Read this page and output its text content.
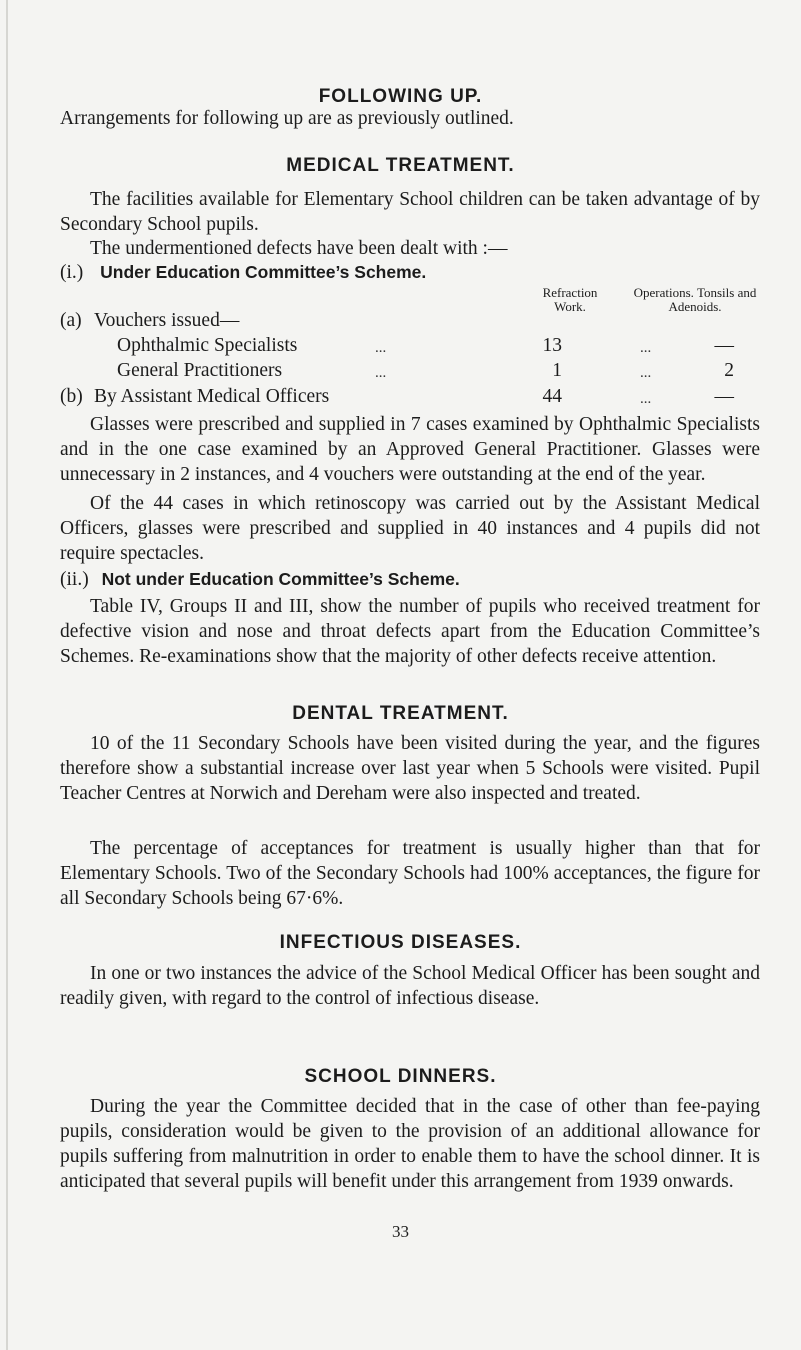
FOLLOWING UP.

Arrangements for following up are as previously outlined.

MEDICAL TREATMENT.

The facilities available for Elementary School children can be taken advantage of by Secondary School pupils.

The undermentioned defects have been dealt with :—

(i.) Under Education Committee’s Scheme.
Refraction Work.
Operations. Tonsils and Adenoids.
(a) Vouchers issued—
Ophthalmic Specialists	...	13	...	—
General Practitioners	...	1	...	2
(b) By Assistant Medical Officers	44	...	—

Glasses were prescribed and supplied in 7 cases examined by Ophthalmic Specialists and in the one case examined by an Approved General Practitioner. Glasses were unnecessary in 2 instances, and 4 vouchers were outstanding at the end of the year.

Of the 44 cases in which retinoscopy was carried out by the Assistant Medical Officers, glasses were prescribed and supplied in 40 instances and 4 pupils did not require spectacles.

(ii.) Not under Education Committee’s Scheme.

Table IV, Groups II and III, show the number of pupils who received treatment for defective vision and nose and throat defects apart from the Education Committee’s Schemes. Re-examinations show that the majority of other defects receive attention.

DENTAL TREATMENT.

10 of the 11 Secondary Schools have been visited during the year, and the figures therefore show a substantial increase over last year when 5 Schools were visited. Pupil Teacher Centres at Norwich and Dereham were also inspected and treated.

The percentage of acceptances for treatment is usually higher than that for Elementary Schools. Two of the Secondary Schools had 100% acceptances, the figure for all Secondary Schools being 67·6%.

INFECTIOUS DISEASES.

In one or two instances the advice of the School Medical Officer has been sought and readily given, with regard to the control of infectious disease.

SCHOOL DINNERS.

During the year the Committee decided that in the case of other than fee-paying pupils, consideration would be given to the provision of an additional allowance for pupils suffering from malnutrition in order to enable them to have the school dinner. It is anticipated that several pupils will benefit under this arrangement from 1939 onwards.

33
